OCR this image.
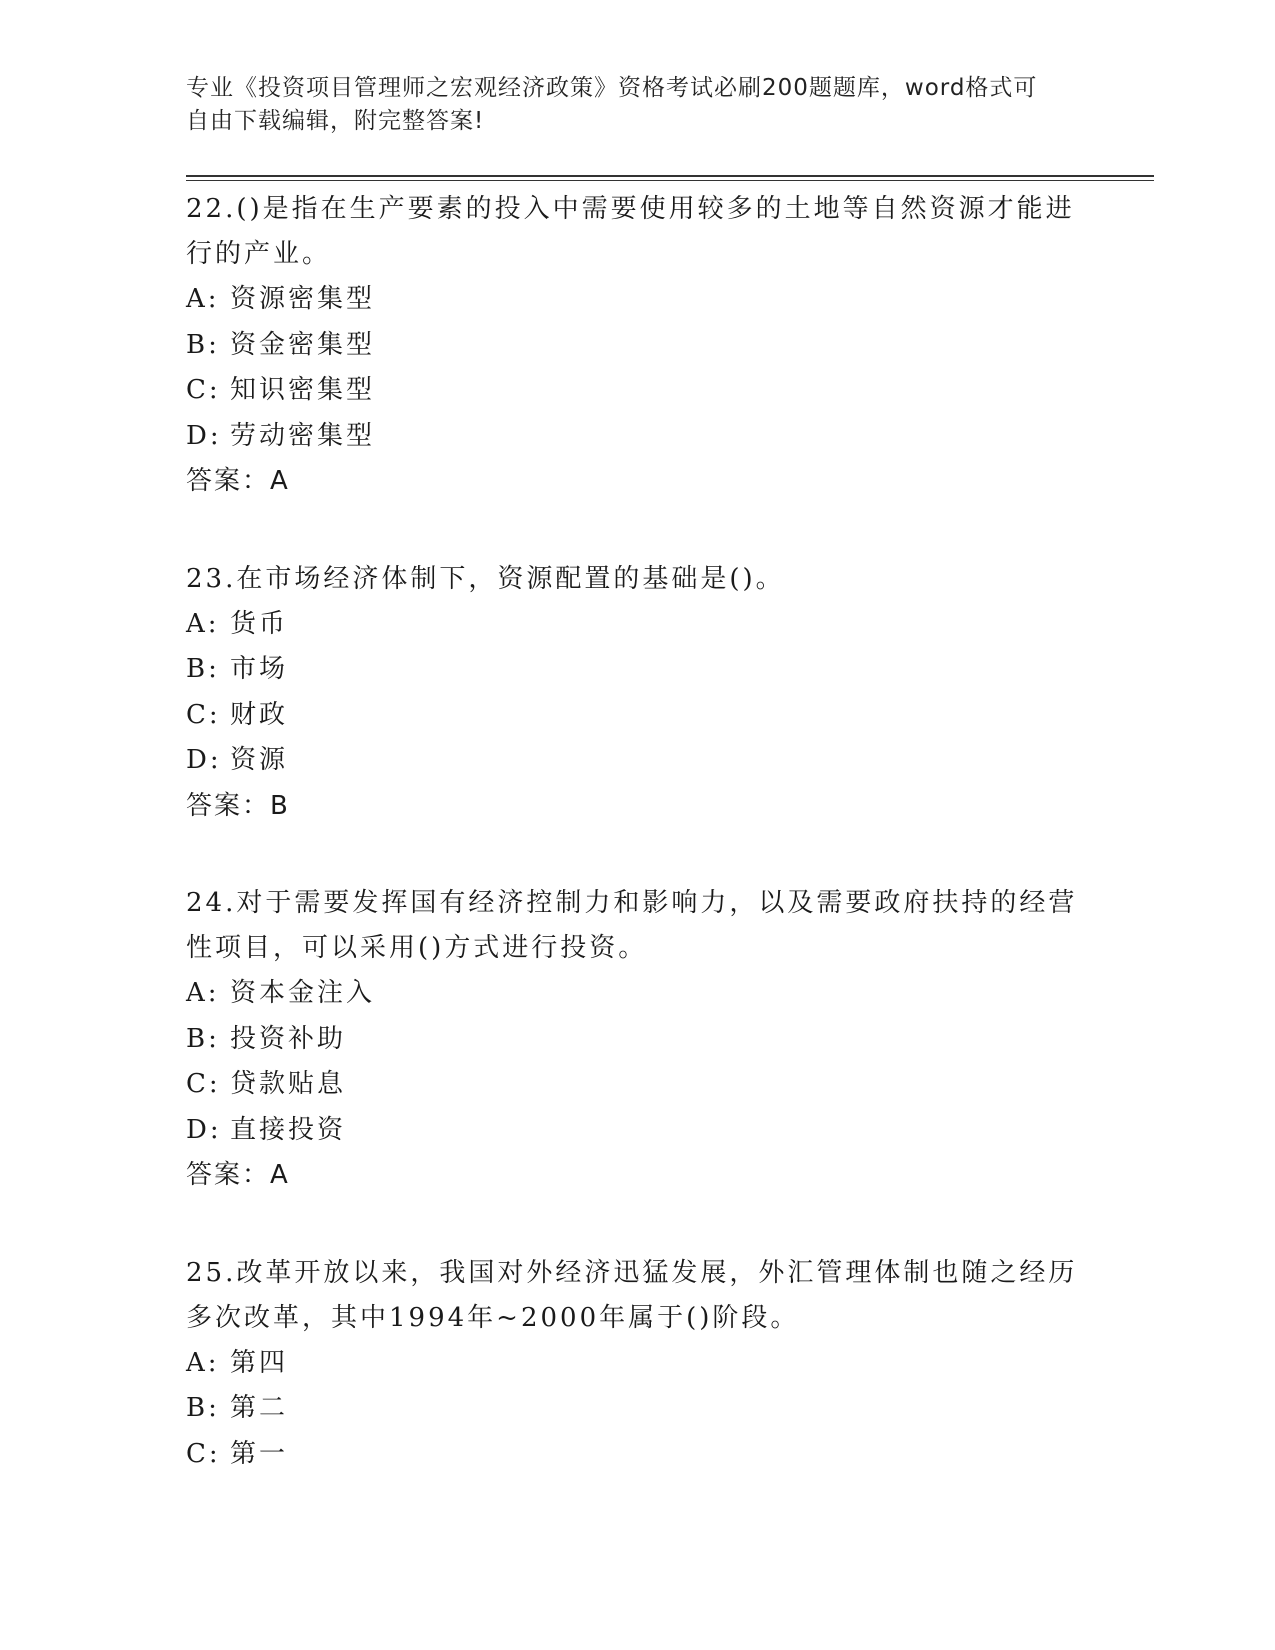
专业《投资项目管理师之宏观经济政策》资格考试必刷200题题库，word格式可
自由下载编辑，附完整答案!

22.()是指在生产要素的投入中需要使用较多的土地等自然资源才能进行的产业。

A: 资源密集型

B: 资金密集型

C: 知识密集型

D: 劳动密集型

答案：A

23.在市场经济体制下，资源配置的基础是()。

A: 货币

B: 市场

C: 财政

D: 资源

答案：B

24.对于需要发挥国有经济控制力和影响力，以及需要政府扶持的经营性项目，可以采用()方式进行投资。

A: 资本金注入

B: 投资补助

C: 贷款贴息

D: 直接投资

答案：A

25.改革开放以来，我国对外经济迅猛发展，外汇管理体制也随之经历多次改革，其中1994年~2000年属于()阶段。

A: 第四

B: 第二

C: 第一
